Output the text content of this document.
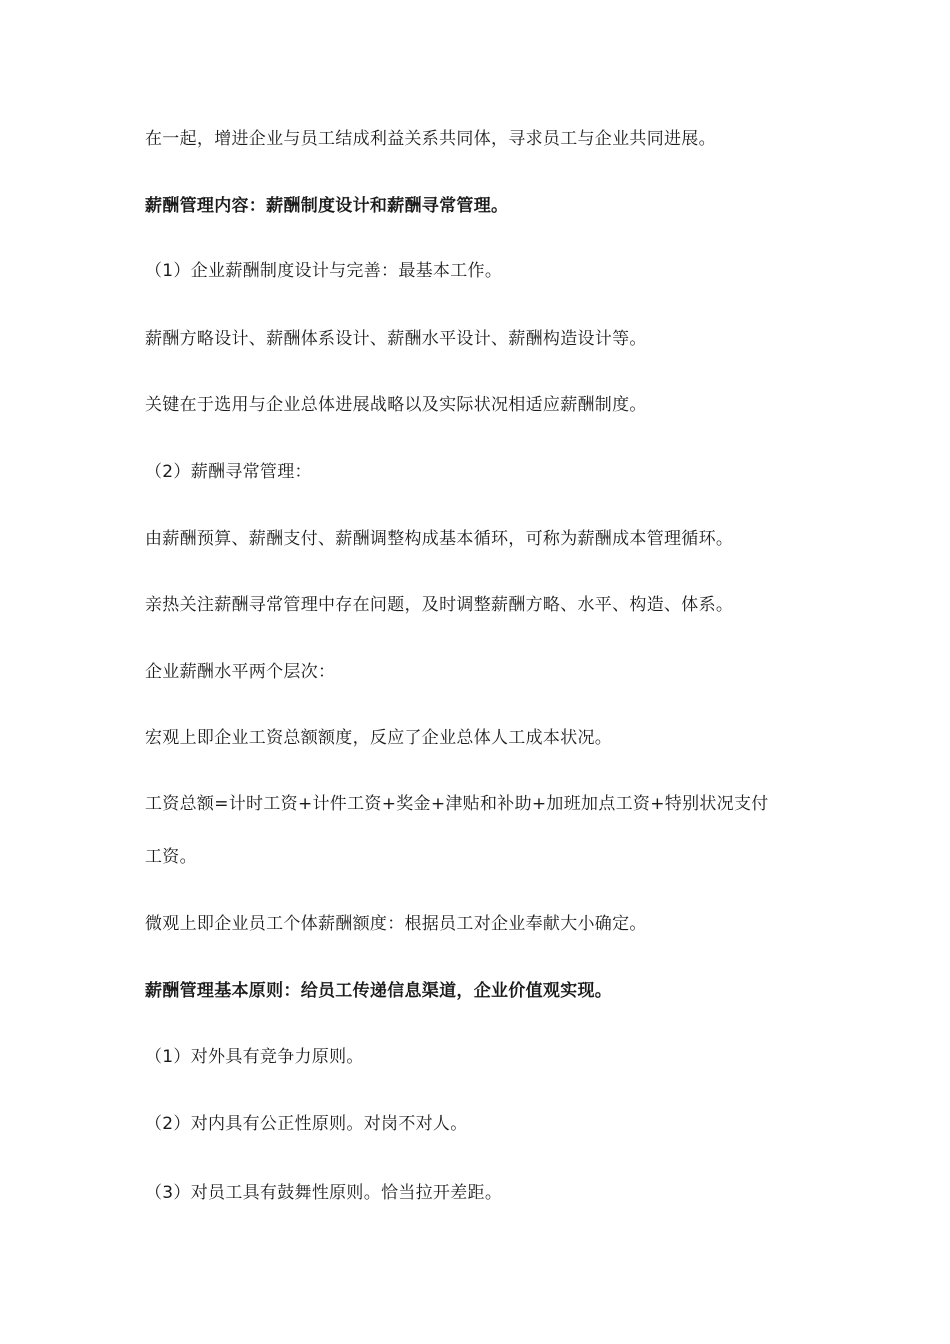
在一起，增进企业与员工结成利益关系共同体，寻求员工与企业共同进展。
薪酬管理内容：薪酬制度设计和薪酬寻常管理。
（1）企业薪酬制度设计与完善：最基本工作。
薪酬方略设计、薪酬体系设计、薪酬水平设计、薪酬构造设计等。
关键在于选用与企业总体进展战略以及实际状况相适应薪酬制度。
（2）薪酬寻常管理：
由薪酬预算、薪酬支付、薪酬调整构成基本循环，可称为薪酬成本管理循环。
亲热关注薪酬寻常管理中存在问题，及时调整薪酬方略、水平、构造、体系。
企业薪酬水平两个层次：
宏观上即企业工资总额额度，反应了企业总体人工成本状况。
工资总额=计时工资+计件工资+奖金+津贴和补助+加班加点工资+特别状况支付
工资。
微观上即企业员工个体薪酬额度：根据员工对企业奉献大小确定。
薪酬管理基本原则：给员工传递信息渠道，企业价值观实现。
（1）对外具有竞争力原则。
（2）对内具有公正性原则。对岗不对人。
（3）对员工具有鼓舞性原则。恰当拉开差距。
